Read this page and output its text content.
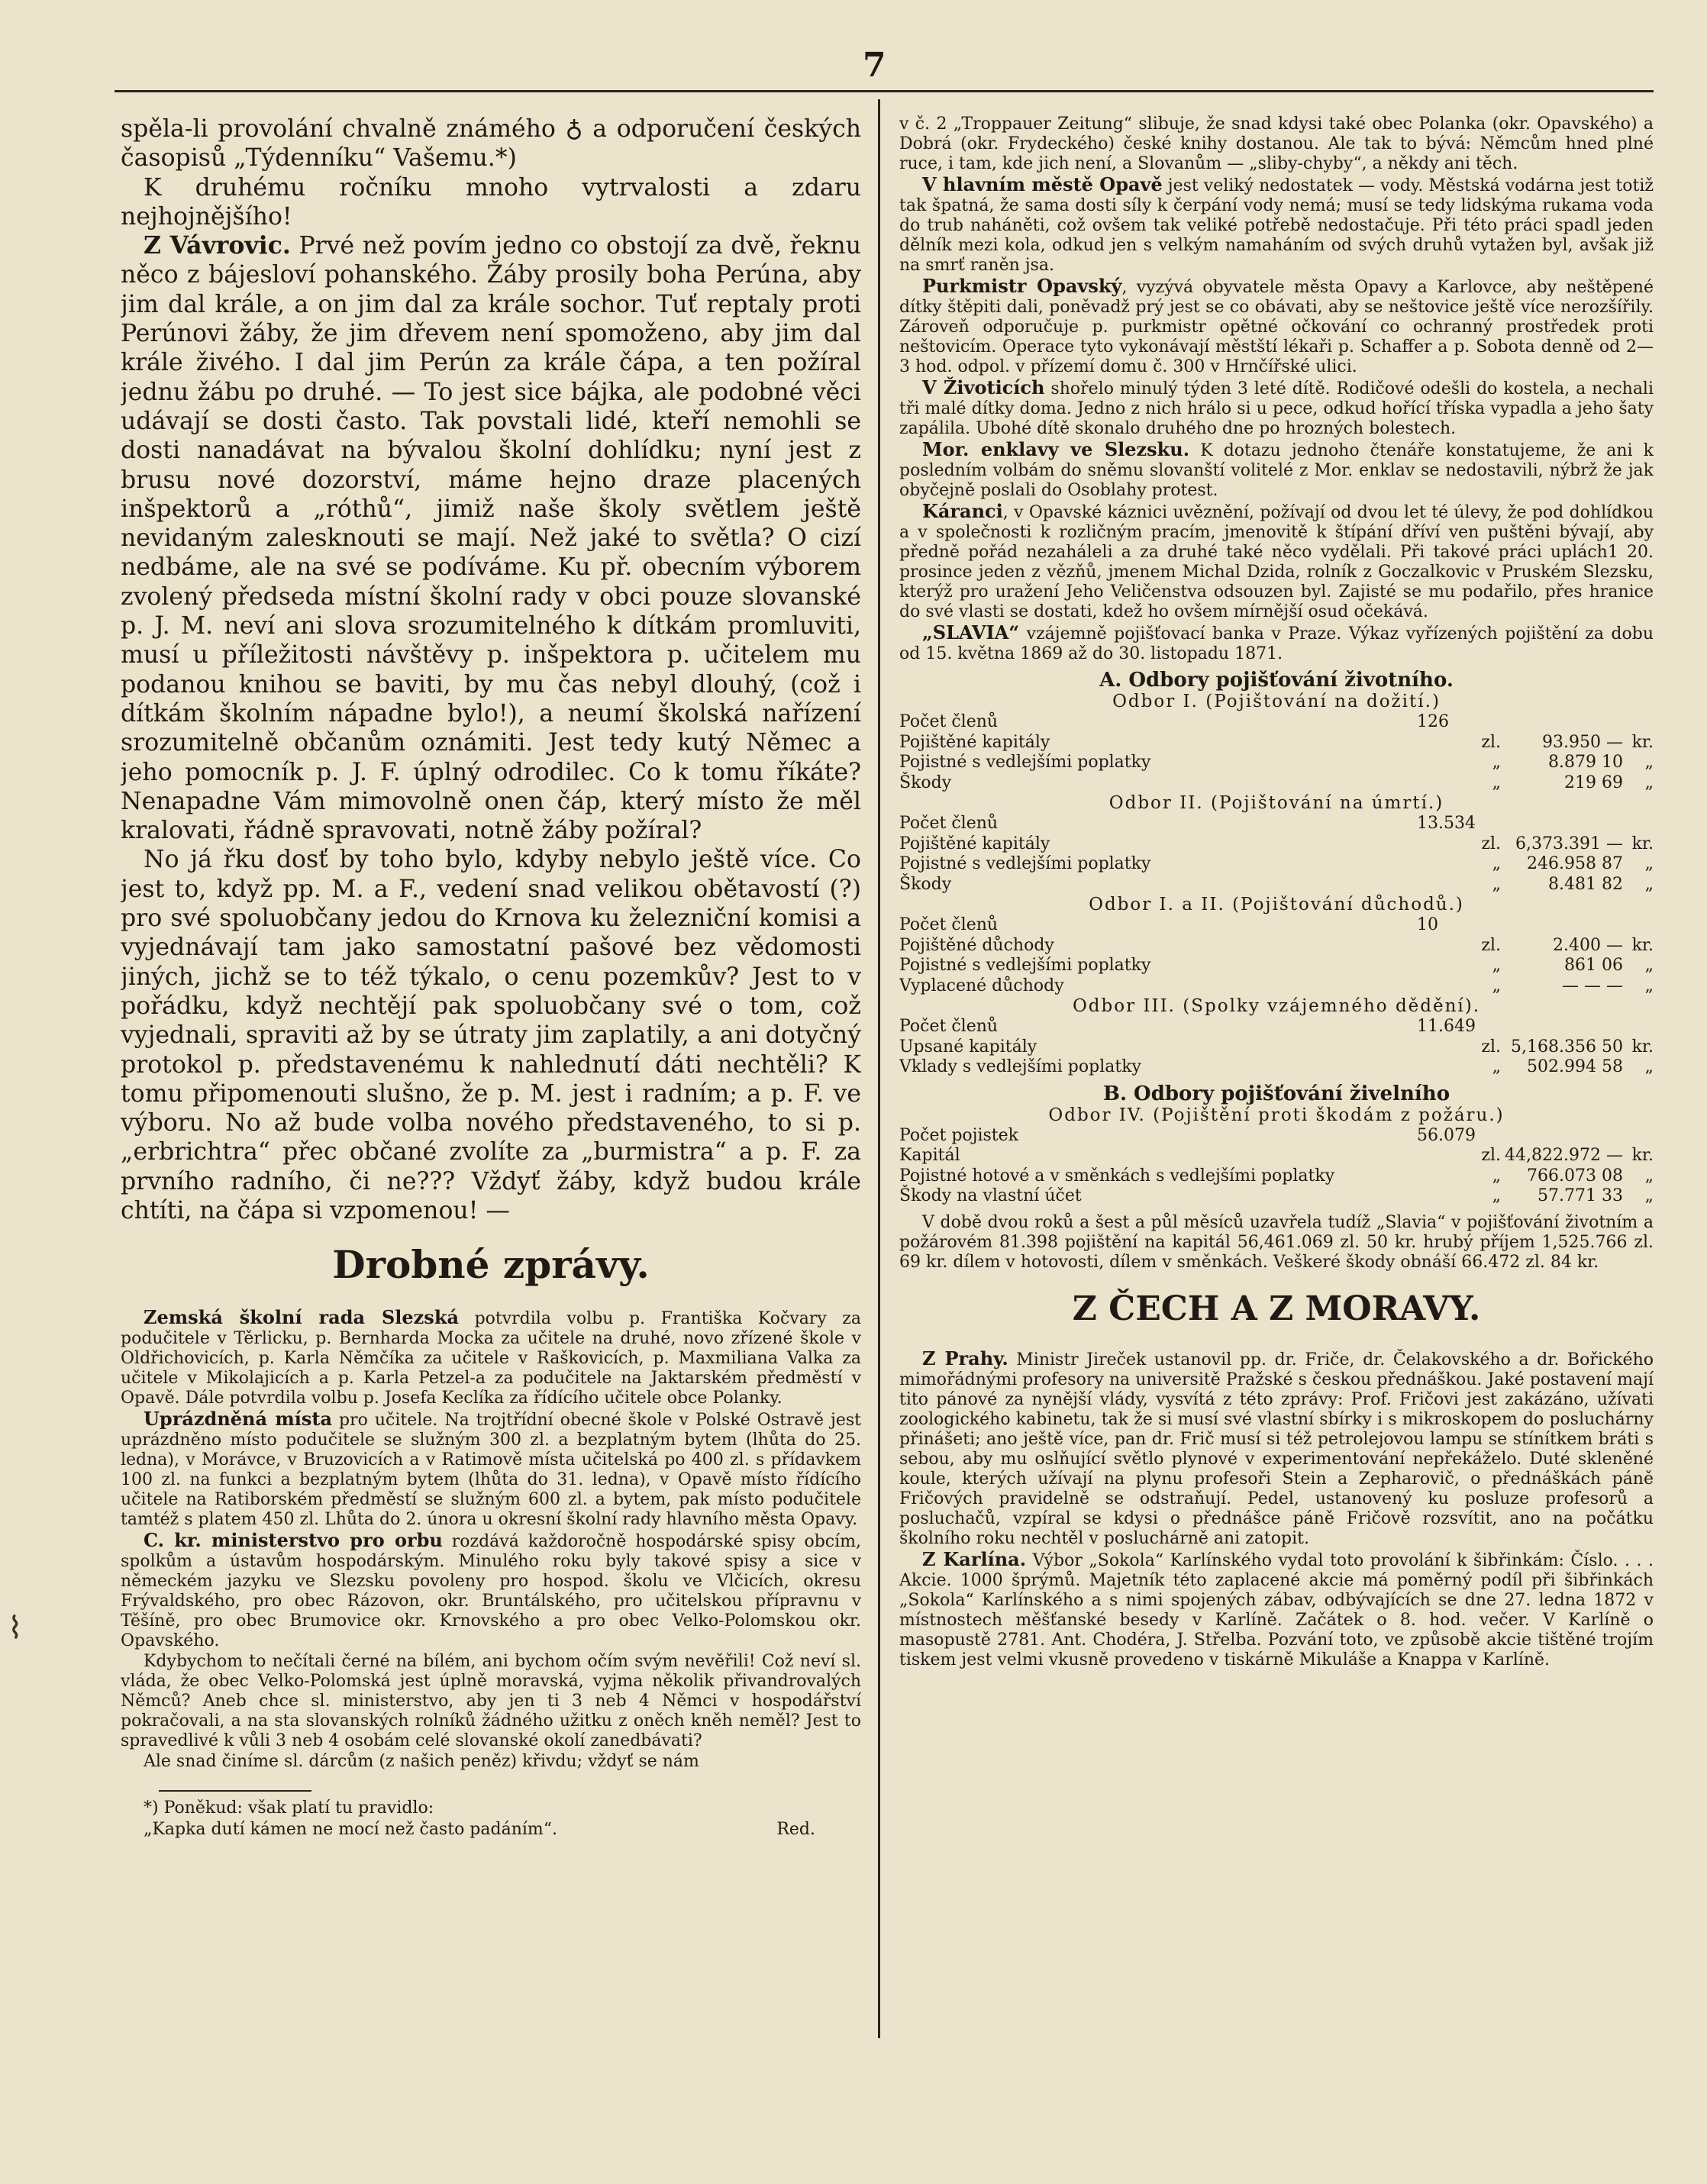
7
⌇

spěla-li provolání chvalně známého ♁ a odporučení českých časopisů „Týdenníku“ Vašemu.*)

K druhému ročníku mnoho vytrvalosti a zdaru nejhojnějšího!

Z Vávrovic. Prvé než povím jedno co obstojí za dvě, řeknu něco z bájesloví pohanského. Žáby prosily boha Perúna, aby jim dal krále, a on jim dal za krále sochor. Tuť reptaly proti Perúnovi žáby, že jim dřevem není spomoženo, aby jim dal krále živého. I dal jim Perún za krále čápa, a ten požíral jednu žábu po druhé. — To jest sice bájka, ale podobné věci udávají se dosti často. Tak povstali lidé, kteří nemohli se dosti nanadávat na bývalou školní dohlídku; nyní jest z brusu nové dozorství, máme hejno draze placených inšpektorů a „róthů“, jimiž naše školy světlem ještě nevidaným zalesknouti se mají. Než jaké to světla? O cizí nedbáme, ale na své se podíváme. Ku př. obecním výborem zvolený předseda místní školní rady v obci pouze slovanské p. J. M. neví ani slova srozumitelného k dítkám promluviti, musí u příležitosti návštěvy p. inšpektora p. učitelem mu podanou knihou se baviti, by mu čas nebyl dlouhý, (což i dítkám školním nápadne bylo!), a neumí školská nařízení srozumitelně občanům oznámiti. Jest tedy kutý Němec a jeho pomocník p. J. F. úplný odrodilec. Co k tomu říkáte? Nenapadne Vám mimovolně onen čáp, který místo že měl kralovati, řádně spravovati, notně žáby požíral?

No já řku dosť by toho bylo, kdyby nebylo ještě více. Co jest to, když pp. M. a F., vedení snad velikou obětavostí (?) pro své spoluobčany jedou do Krnova ku železniční komisi a vyjednávají tam jako samostatní pašové bez vědomosti jiných, jichž se to též týkalo, o cenu pozemkův? Jest to v pořádku, když nechtějí pak spoluobčany své o tom, což vyjednali, spraviti až by se útraty jim zaplatily, a ani dotyčný protokol p. představenému k nahlednutí dáti nechtěli? K tomu připomenouti slušno, že p. M. jest i radním; a p. F. ve výboru. No až bude volba nového představeného, to si p. „erbrichtra“ přec občané zvolíte za „burmistra“ a p. F. za prvního radního, či ne??? Vždyť žáby, když budou krále chtíti, na čápa si vzpomenou! —

Drobné zprávy.

Zemská školní rada Slezská potvrdila volbu p. Františka Kočvary za podučitele v Těrlicku, p. Bernharda Mocka za učitele na druhé, novo zřízené škole v Oldřichovicích, p. Karla Němčíka za učitele v Raškovicích, p. Maxmiliana Valka za učitele v Mikolajicích a p. Karla Petzel-a za podučitele na Jaktarském předměstí v Opavě. Dále potvrdila volbu p. Josefa Keclíka za řídícího učitele obce Polanky.

Uprázdněná místa pro učitele. Na trojtřídní obecné škole v Polské Ostravě jest uprázdněno místo podučitele se služným 300 zl. a bezplatným bytem (lhůta do 25. ledna), v Morávce, v Bruzovicích a v Ratimově místa učitelská po 400 zl. s přídavkem 100 zl. na funkci a bezplatným bytem (lhůta do 31. ledna), v Opavě místo řídícího učitele na Ratiborském předměstí se služným 600 zl. a bytem, pak místo podučitele tamtéž s platem 450 zl. Lhůta do 2. února u okresní školní rady hlavního města Opavy.

C. kr. ministerstvo pro orbu rozdává každoročně hospodárské spisy obcím, spolkům a ústavům hospodárským. Minulého roku byly takové spisy a sice v německém jazyku ve Slezsku povoleny pro hospod. školu ve Vlčicích, okresu Frývaldského, pro obec Rázovon, okr. Bruntálského, pro učitelskou přípravnu v Těšíně, pro obec Brumovice okr. Krnovského a pro obec Velko-Polomskou okr. Opavského.

Kdybychom to nečítali černé na bílém, ani bychom očím svým nevěřili! Což neví sl. vláda, že obec Velko-Polomská jest úplně moravská, vyjma několik přivandrovalých Němců? Aneb chce sl. ministerstvo, aby jen ti 3 neb 4 Němci v hospodářství pokračovali, a na sta slovanských rolníků žádného užitku z oněch kněh neměl? Jest to spravedlivé k vůli 3 neb 4 osobám celé slovanské okolí zanedbávati?

Ale snad činíme sl. dárcům (z našich peněz) křivdu; vždyť se nám

*) Poněkud: však platí tu pravidlo:

„Kapka dutí kámen ne mocí než často padáním“.	Red.

v č. 2 „Troppauer Zeitung“ slibuje, že snad kdysi také obec Polanka (okr. Opavského) a Dobrá (okr. Frydeckého) české knihy dostanou. Ale tak to bývá: Němcům hned plné ruce, i tam, kde jich není, a Slovanům — „sliby-chyby“, a někdy ani těch.

V hlavním městě Opavě jest veliký nedostatek — vody. Městská vodárna jest totiž tak špatná, že sama dosti síly k čerpání vody nemá; musí se tedy lidskýma rukama voda do trub naháněti, což ovšem tak veliké potřebě nedostačuje. Při této práci spadl jeden dělník mezi kola, odkud jen s velkým namaháním od svých druhů vytažen byl, avšak již na smrť raněn jsa.

Purkmistr Opavský, vyzývá obyvatele města Opavy a Karlovce, aby neštěpené dítky štěpiti dali, poněvadž prý jest se co obávati, aby se neštovice ještě více nerozšířily. Zároveň odporučuje p. purkmistr opětné očkování co ochranný prostředek proti neštovicím. Operace tyto vykonávají městští lékaři p. Schaffer a p. Sobota denně od 2—3 hod. odpol. v přízemí domu č. 300 v Hrnčířské ulici.

V Životicích shořelo minulý týden 3 leté dítě. Rodičové odešli do kostela, a nechali tři malé dítky doma. Jedno z nich hrálo si u pece, odkud hořící tříska vypadla a jeho šaty zapálila. Ubohé dítě skonalo druhého dne po hrozných bolestech.

Mor. enklavy ve Slezsku. K dotazu jednoho čtenáře konstatujeme, že ani k posledním volbám do sněmu slovanští volitelé z Mor. enklav se nedostavili, nýbrž že jak obyčejně poslali do Osoblahy protest.

Káranci, v Opavské káznici uvěznění, požívají od dvou let té úlevy, že pod dohlídkou a v společnosti k rozličným pracím, jmenovitě k štípání dříví ven puštěni bývají, aby předně pořád nezaháleli a za druhé také něco vydělali. Při takové práci uplách1 20. prosince jeden z vězňů, jmenem Michal Dzida, rolník z Goczalkovic v Pruském Slezsku, kterýž pro uražení Jeho Veličenstva odsouzen byl. Zajisté se mu podařilo, přes hranice do své vlasti se dostati, kdež ho ovšem mírnější osud očekává.

„SLAVIA“ vzájemně pojišťovací banka v Praze. Výkaz vyřízených pojištění za dobu od 15. května 1869 až do 30. listopadu 1871.

A. Odbory pojišťování životního.
Odbor I. (Pojištování na dožití.)
Počet členů	126
Pojištěné kapitály	zl.	93.950 — kr.
Pojistné s vedlejšími poplatky	„	8.879 10	„
Škody	„	219 69	„
Odbor II. (Pojištování na úmrtí.)
Počet členů	13.534
Pojištěné kapitály	zl. 6,373.391 — kr.
Pojistné s vedlejšími poplatky	„	246.958 87	„
Škody	„	8.481 82	„
Odbor I. a II. (Pojištování důchodů.)
Počet členů	10
Pojištěné důchody	zl.	2.400 — kr.
Pojistné s vedlejšími poplatky	„	861 06	„
Vyplacené důchody	„	— — —	„
Odbor III. (Spolky vzájemného dědění).
Počet členů	11.649
Upsané kapitály	zl. 5,168.356 50 kr.
Vklady s vedlejšími poplatky	„	502.994 58	„
B. Odbory pojišťování živelního
Odbor IV. (Pojištění proti škodám z požáru.)
Počet pojistek	56.079
Kapitál	zl. 44,822.972 — kr.
Pojistné hotové a v směnkách s vedlejšími poplatky	„	766.073 08	„
Škody na vlastní účet	„	57.771 33	„

V době dvou roků a šest a půl měsíců uzavřela tudíž „Slavia“ v pojišťování životním a požárovém 81.398 pojištění na kapitál 56,461.069 zl. 50 kr. hrubý příjem 1,525.766 zl. 69 kr. dílem v hotovosti, dílem v směnkách. Veškeré škody obnáší 66.472 zl. 84 kr.

Z ČECH A Z MORAVY.

Z Prahy. Ministr Jireček ustanovil pp. dr. Friče, dr. Čelakovského a dr. Bořického mimořádnými profesory na universitě Pražské s českou přednáškou. Jaké postavení mají tito pánové za nynější vlády, vysvítá z této zprávy: Prof. Fričovi jest zakázáno, užívati zoologického kabinetu, tak že si musí své vlastní sbírky i s mikroskopem do posluchárny přinášeti; ano ještě více, pan dr. Frič musí si též petrolejovou lampu se stínítkem bráti s sebou, aby mu oslňující světlo plynové v experimentování nepřekáželo. Duté skleněné koule, kterých užívají na plynu profesoři Stein a Zepharovič, o přednáškách páně Fričových pravidelně se odstraňují. Pedel, ustanovený ku posluze profesorů a posluchačů, vzpíral se kdysi o přednášce páně Fričově rozsvítit, ano na počátku školního roku nechtěl v posluchárně ani zatopit.

Z Karlína. Výbor „Sokola“ Karlínského vydal toto provolání k šibřinkám: Číslo. . . . Akcie. 1000 šprýmů. Majetník této zaplacené akcie má poměrný podíl při šibřinkách „Sokola“ Karlínského a s nimi spojených zábav, odbývajících se dne 27. ledna 1872 v místnostech měšťanské besedy v Karlíně. Začátek o 8. hod. večer. V Karlíně o masopustě 2781. Ant. Chodéra, J. Střelba. Pozvání toto, ve způsobě akcie tištěné trojím tiskem jest velmi vkusně provedeno v tiskárně Mikuláše a Knappa v Karlíně.
